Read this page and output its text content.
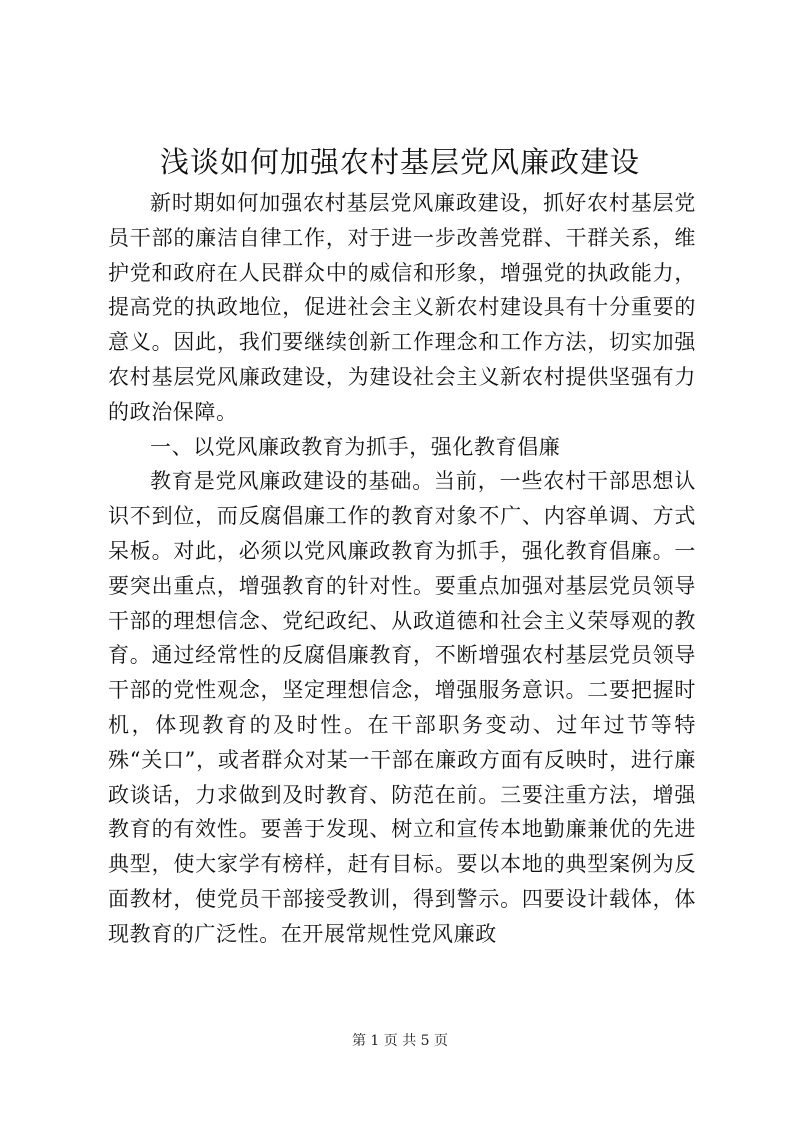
浅谈如何加强农村基层党风廉政建设

新时期如何加强农村基层党风廉政建设，抓好农村基层党员干部的廉洁自律工作，对于进一步改善党群、干群关系，维护党和政府在人民群众中的威信和形象，增强党的执政能力，提高党的执政地位，促进社会主义新农村建设具有十分重要的意义。因此，我们要继续创新工作理念和工作方法，切实加强农村基层党风廉政建设，为建设社会主义新农村提供坚强有力的政治保障。

一、以党风廉政教育为抓手，强化教育倡廉

教育是党风廉政建设的基础。当前，一些农村干部思想认识不到位，而反腐倡廉工作的教育对象不广、内容单调、方式呆板。对此，必须以党风廉政教育为抓手，强化教育倡廉。一要突出重点，增强教育的针对性。要重点加强对基层党员领导干部的理想信念、党纪政纪、从政道德和社会主义荣辱观的教育。通过经常性的反腐倡廉教育，不断增强农村基层党员领导干部的党性观念，坚定理想信念，增强服务意识。二要把握时机，体现教育的及时性。在干部职务变动、过年过节等特殊“关口”，或者群众对某一干部在廉政方面有反映时，进行廉政谈话，力求做到及时教育、防范在前。三要注重方法，增强教育的有效性。要善于发现、树立和宣传本地勤廉兼优的先进典型，使大家学有榜样，赶有目标。要以本地的典型案例为反面教材，使党员干部接受教训，得到警示。四要设计载体，体现教育的广泛性。在开展常规性党风廉政

第 1 页 共 5 页
